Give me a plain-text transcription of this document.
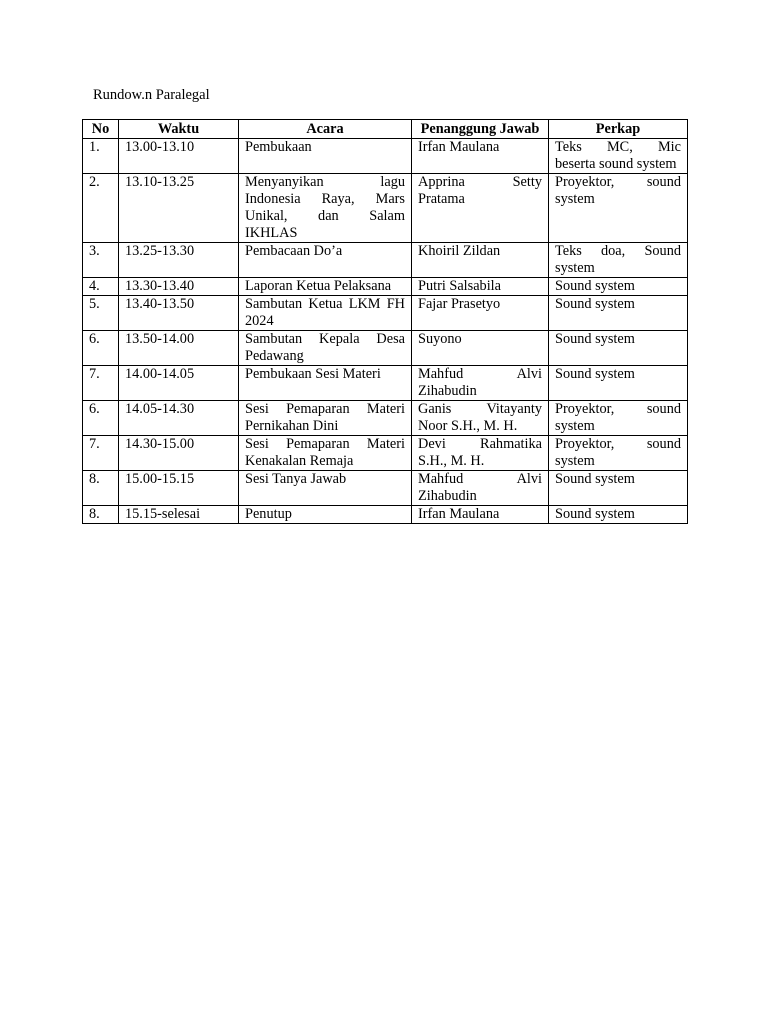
Rundow.n Paralegal
No	Waktu	Acara	Penanggung Jawab	Perkap
1.	13.00-13.10	Pembukaan	Irfan Maulana	Teks MC, Mic beserta sound system
2.	13.10-13.25	Menyanyikan lagu Indonesia Raya, Mars Unikal, dan Salam IKHLAS	Apprina Setty Pratama	Proyektor, sound system
3.	13.25-13.30	Pembacaan Do’a	Khoiril Zildan	Teks doa, Sound system
4.	13.30-13.40	Laporan Ketua Pelaksana	Putri Salsabila	Sound system
5.	13.40-13.50	Sambutan Ketua LKM FH 2024	Fajar Prasetyo	Sound system
6.	13.50-14.00	Sambutan Kepala Desa Pedawang	Suyono	Sound system
7.	14.00-14.05	Pembukaan Sesi Materi	Mahfud Alvi Zihabudin	Sound system
6.	14.05-14.30	Sesi Pemaparan Materi Pernikahan Dini	Ganis Vitayanty Noor S.H., M. H.	Proyektor, sound system
7.	14.30-15.00	Sesi Pemaparan Materi Kenakalan Remaja	Devi Rahmatika S.H., M. H.	Proyektor, sound system
8.	15.00-15.15	Sesi Tanya Jawab	Mahfud Alvi Zihabudin	Sound system
8.	15.15-selesai	Penutup	Irfan Maulana	Sound system
